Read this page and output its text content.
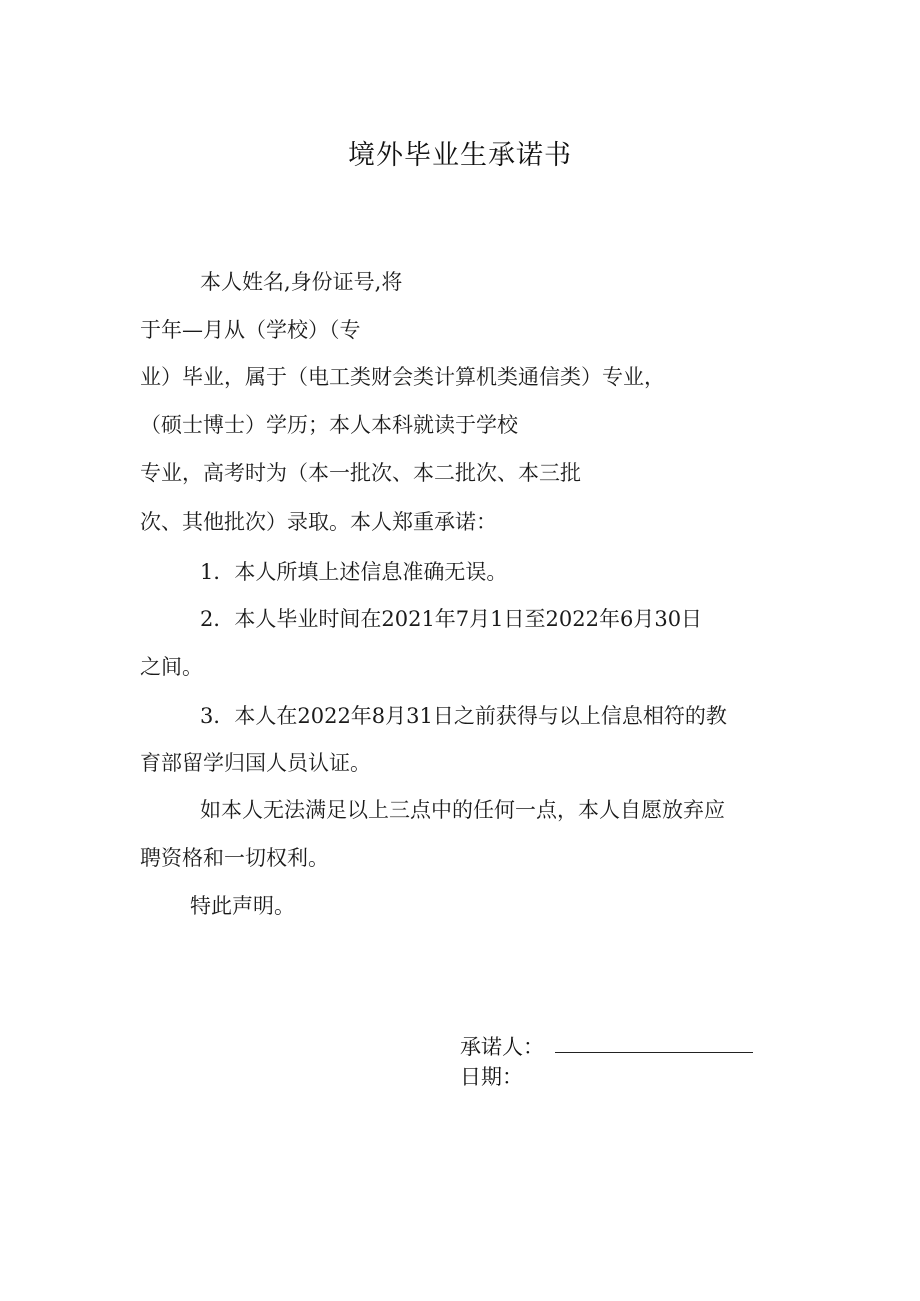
境外毕业生承诺书
本人姓名,身份证号,将
于年—月从（学校）（专
业）毕业，属于（电工类财会类计算机类通信类）专业，
（硕士博士）学历；本人本科就读于学校
专业，高考时为（本一批次、本二批次、本三批
次、其他批次）录取。本人郑重承诺：
1．本人所填上述信息准确无误。
2．本人毕业时间在2021年7月1日至2022年6月30日
之间。
3．本人在2022年8月31日之前获得与以上信息相符的教
育部留学归国人员认证。
如本人无法满足以上三点中的任何一点，本人自愿放弃应
聘资格和一切权利。
特此声明。
承诺人：
日期：
